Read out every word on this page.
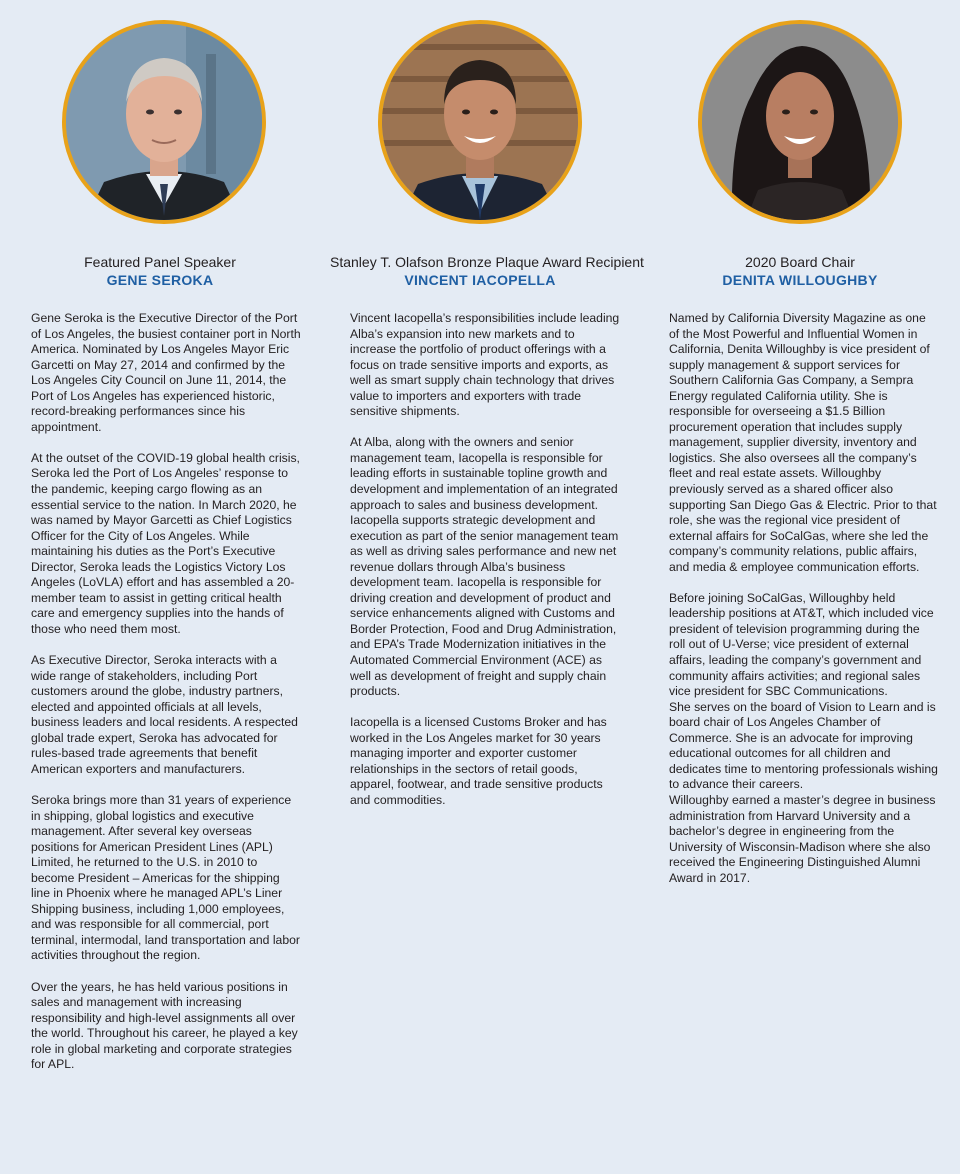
Featured Panel Speaker
GENE SEROKA

Gene Seroka is the Executive Director of the Port of Los Angeles, the busiest container port in North America. Nominated by Los Angeles Mayor Eric Garcetti on May 27, 2014 and confirmed by the Los Angeles City Council on June 11, 2014, the Port of Los Angeles has experienced historic, record-breaking performances since his appointment.

At the outset of the COVID-19 global health crisis, Seroka led the Port of Los Angeles’ response to the pandemic, keeping cargo flowing as an essential service to the nation. In March 2020, he was named by Mayor Garcetti as Chief Logistics Officer for the City of Los Angeles. While maintaining his duties as the Port’s Executive Director, Seroka leads the Logistics Victory Los Angeles (LoVLA) effort and has assembled a 20-member team to assist in getting critical health care and emergency supplies into the hands of those who need them most.

As Executive Director, Seroka interacts with a wide range of stakeholders, including Port customers around the globe, industry partners, elected and appointed officials at all levels, business leaders and local residents. A respected global trade expert, Seroka has advocated for rules-based trade agreements that benefit American exporters and manufacturers.

Seroka brings more than 31 years of experience in shipping, global logistics and executive management. After several key overseas positions for American President Lines (APL) Limited, he returned to the U.S. in 2010 to become President – Americas for the shipping line in Phoenix where he managed APL’s Liner Shipping business, including 1,000 employees, and was responsible for all commercial, port terminal, intermodal, land transportation and labor activities throughout the region.

Over the years, he has held various positions in sales and management with increasing responsibility and high-level assignments all over the world. Throughout his career, he played a key role in global marketing and corporate strategies for APL.

Stanley T. Olafson Bronze Plaque Award Recipient
VINCENT IACOPELLA

Vincent Iacopella’s responsibilities include leading Alba’s expansion into new markets and to increase the portfolio of product offerings with a focus on trade sensitive imports and exports, as well as smart supply chain technology that drives value to importers and exporters with trade sensitive shipments.

At Alba, along with the owners and senior management team, Iacopella is responsible for leading efforts in sustainable topline growth and development and implementation of an integrated approach to sales and business development. Iacopella supports strategic development and execution as part of the senior management team as well as driving sales performance and new net revenue dollars through Alba’s business development team. Iacopella is responsible for driving creation and development of product and service enhancements aligned with Customs and Border Protection, Food and Drug Administration, and EPA’s Trade Modernization initiatives in the Automated Commercial Environment (ACE) as well as development of freight and supply chain products.

Iacopella is a licensed Customs Broker and has worked in the Los Angeles market for 30 years managing importer and exporter customer relationships in the sectors of retail goods, apparel, footwear, and trade sensitive products and commodities.

2020 Board Chair
DENITA WILLOUGHBY

Named by California Diversity Magazine as one of the Most Powerful and Influential Women in California, Denita Willoughby is vice president of supply management & support services for Southern California Gas Company, a Sempra Energy regulated California utility. She is responsible for overseeing a $1.5 Billion procurement operation that includes supply management, supplier diversity, inventory and logistics. She also oversees all the company’s fleet and real estate assets. Willoughby previously served as a shared officer also supporting San Diego Gas & Electric. Prior to that role, she was the regional vice president of external affairs for SoCalGas, where she led the company’s community relations, public affairs, and media & employee communication efforts.

Before joining SoCalGas, Willoughby held leadership positions at AT&T, which included vice president of television programming during the roll out of U-Verse; vice president of external affairs, leading the company’s government and community affairs activities; and regional sales vice president for SBC Communications.

She serves on the board of Vision to Learn and is board chair of Los Angeles Chamber of Commerce. She is an advocate for improving educational outcomes for all children and dedicates time to mentoring professionals wishing to advance their careers.

Willoughby earned a master’s degree in business administration from Harvard University and a bachelor’s degree in engineering from the University of Wisconsin-Madison where she also received the Engineering Distinguished Alumni Award in 2017.
